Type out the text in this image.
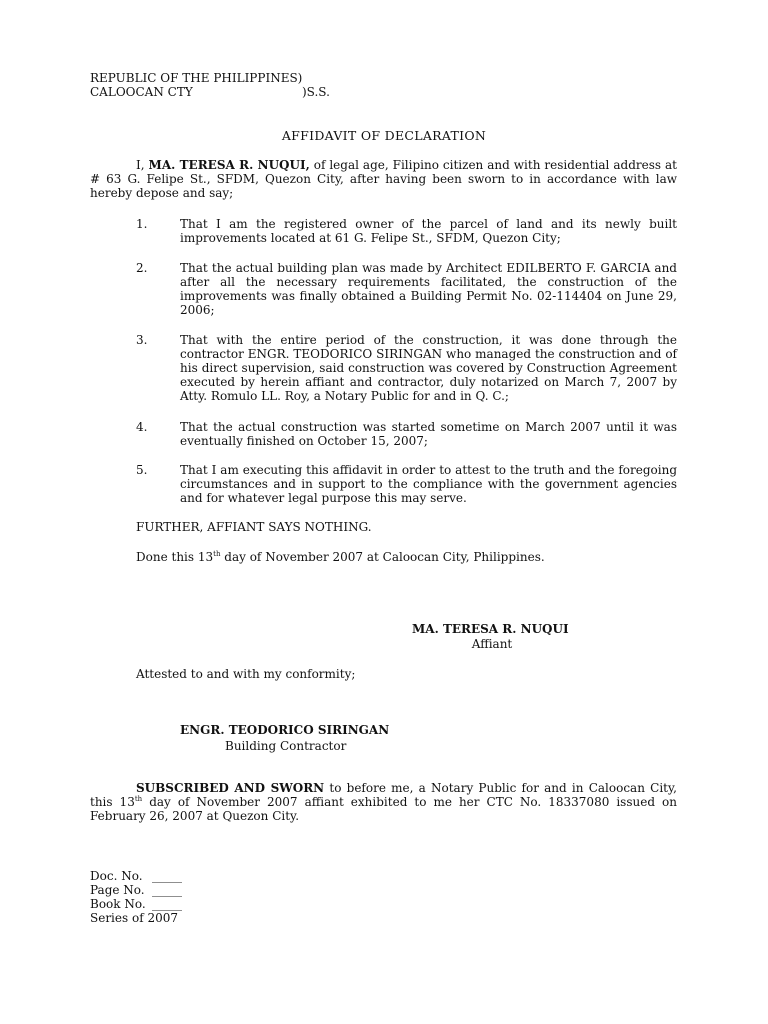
REPUBLIC OF THE PHILIPPINES)
CALOOCAN CTY	)S.S.

AFFIDAVIT OF DECLARATION

I, MA. TERESA R. NUQUI, of legal age, Filipino citizen and with residential address at # 63 G. Felipe St., SFDM, Quezon City, after having been sworn to in accordance with law hereby depose and say;

1.	That I am the registered owner of the parcel of land and its newly built improvements located at 61 G. Felipe St., SFDM, Quezon City;
2.	That the actual building plan was made by Architect EDILBERTO F. GARCIA and after all the necessary requirements facilitated, the construction of the improvements was finally obtained a Building Permit No. 02-114404 on June 29, 2006;
3.	That with the entire period of the construction, it was done through the contractor ENGR. TEODORICO SIRINGAN who managed the construction and of his direct supervision, said construction was covered by Construction Agreement executed by herein affiant and contractor, duly notarized on March 7, 2007 by Atty. Romulo LL. Roy, a Notary Public for and in Q. C.;
4.	That the actual construction was started sometime on March 2007 until it was eventually finished on October 15, 2007;
5.	That I am executing this affidavit in order to attest to the truth and the foregoing circumstances and in support to the compliance with the government agencies and for whatever legal purpose this may serve.

FURTHER, AFFIANT SAYS NOTHING.

Done this 13th day of November 2007 at Caloocan City, Philippines.

MA. TERESA R. NUQUI

Affiant

Attested to and with my conformity;

ENGR. TEODORICO SIRINGAN

Building Contractor

SUBSCRIBED AND SWORN to before me, a Notary Public for and in Caloocan City, this 13th day of November 2007 affiant exhibited to me her CTC No. 18337080 issued on February 26, 2007 at Quezon City.

Doc. No. _____
Page No. _____
Book No. _____
Series of 2007
